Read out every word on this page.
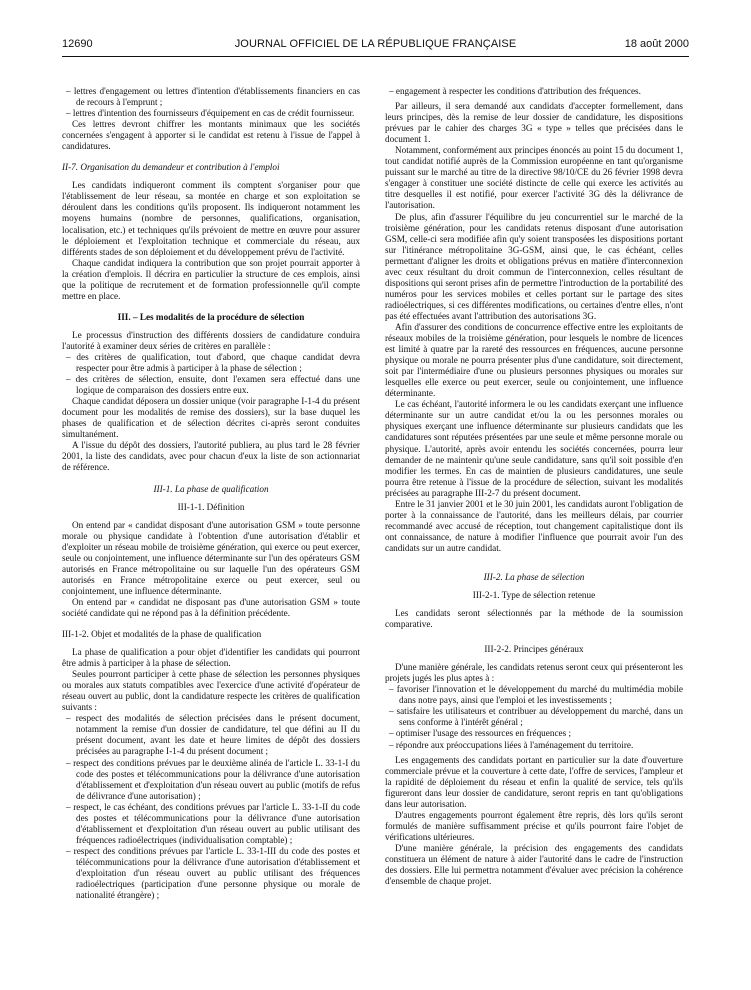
12690	JOURNAL OFFICIEL DE LA RÉPUBLIQUE FRANÇAISE	18 août 2000
– lettres d'engagement ou lettres d'intention d'établissements financiers en cas de recours à l'emprunt ;
– lettres d'intention des fournisseurs d'équipement en cas de crédit fournisseur.

Ces lettres devront chiffrer les montants minimaux que les sociétés concernées s'engagent à apporter si le candidat est retenu à l'issue de l'appel à candidatures.

II-7. Organisation du demandeur et contribution à l'emploi

Les candidats indiqueront comment ils comptent s'organiser pour que l'établissement de leur réseau, sa montée en charge et son exploitation se déroulent dans les conditions qu'ils proposent. Ils indiqueront notamment les moyens humains (nombre de personnes, qualifications, organisation, localisation, etc.) et techniques qu'ils prévoient de mettre en œuvre pour assurer le déploiement et l'exploitation technique et commerciale du réseau, aux différents stades de son déploiement et du développement prévu de l'activité.

Chaque candidat indiquera la contribution que son projet pourrait apporter à la création d'emplois. Il décrira en particulier la structure de ces emplois, ainsi que la politique de recrutement et de formation professionnelle qu'il compte mettre en place.

III. – Les modalités de la procédure de sélection

Le processus d'instruction des différents dossiers de candidature conduira l'autorité à examiner deux séries de critères en parallèle :

– des critères de qualification, tout d'abord, que chaque candidat devra respecter pour être admis à participer à la phase de sélection ;
– des critères de sélection, ensuite, dont l'examen sera effectué dans une logique de comparaison des dossiers entre eux.

Chaque candidat déposera un dossier unique (voir paragraphe I-1-4 du présent document pour les modalités de remise des dossiers), sur la base duquel les phases de qualification et de sélection décrites ci-après seront conduites simultanément.

A l'issue du dépôt des dossiers, l'autorité publiera, au plus tard le 28 février 2001, la liste des candidats, avec pour chacun d'eux la liste de son actionnariat de référence.

III-1. La phase de qualification
III-1-1. Définition

On entend par « candidat disposant d'une autorisation GSM » toute personne morale ou physique candidate à l'obtention d'une autorisation d'établir et d'exploiter un réseau mobile de troisième génération, qui exerce ou peut exercer, seule ou conjointement, une influence déterminante sur l'un des opérateurs GSM autorisés en France métropolitaine ou sur laquelle l'un des opérateurs GSM autorisés en France métropolitaine exerce ou peut exercer, seul ou conjointement, une influence déterminante.

On entend par « candidat ne disposant pas d'une autorisation GSM » toute société candidate qui ne répond pas à la définition précédente.

III-1-2. Objet et modalités de la phase de qualification

La phase de qualification a pour objet d'identifier les candidats qui pourront être admis à participer à la phase de sélection.

Seules pourront participer à cette phase de sélection les personnes physiques ou morales aux statuts compatibles avec l'exercice d'une activité d'opérateur de réseau ouvert au public, dont la candidature respecte les critères de qualification suivants :

– respect des modalités de sélection précisées dans le présent document, notamment la remise d'un dossier de candidature, tel que défini au II du présent document, avant les date et heure limites de dépôt des dossiers précisées au paragraphe I-1-4 du présent document ;
– respect des conditions prévues par le deuxième alinéa de l'article L. 33-1-I du code des postes et télécommunications pour la délivrance d'une autorisation d'établissement et d'exploitation d'un réseau ouvert au public (motifs de refus de délivrance d'une autorisation) ;
– respect, le cas échéant, des conditions prévues par l'article L. 33-1-II du code des postes et télécommunications pour la délivrance d'une autorisation d'établissement et d'exploitation d'un réseau ouvert au public utilisant des fréquences radioélectriques (individualisation comptable) ;
– respect des conditions prévues par l'article L. 33-1-III du code des postes et télécommunications pour la délivrance d'une autorisation d'établissement et d'exploitation d'un réseau ouvert au public utilisant des fréquences radioélectriques (participation d'une personne physique ou morale de nationalité étrangère) ;
– engagement à respecter les conditions d'attribution des fréquences.

Par ailleurs, il sera demandé aux candidats d'accepter formellement, dans leurs principes, dès la remise de leur dossier de candidature, les dispositions prévues par le cahier des charges 3G « type » telles que précisées dans le document 1.

Notamment, conformément aux principes énoncés au point 15 du document 1, tout candidat notifié auprès de la Commission européenne en tant qu'organisme puissant sur le marché au titre de la directive 98/10/CE du 26 février 1998 devra s'engager à constituer une société distincte de celle qui exerce les activités au titre desquelles il est notifié, pour exercer l'activité 3G dès la délivrance de l'autorisation.

De plus, afin d'assurer l'équilibre du jeu concurrentiel sur le marché de la troisième génération, pour les candidats retenus disposant d'une autorisation GSM, celle-ci sera modifiée afin qu'y soient transposées les dispositions portant sur l'itinérance métropolitaine 3G-GSM, ainsi que, le cas échéant, celles permettant d'aligner les droits et obligations prévus en matière d'interconnexion avec ceux résultant du droit commun de l'interconnexion, celles résultant de dispositions qui seront prises afin de permettre l'introduction de la portabilité des numéros pour les services mobiles et celles portant sur le partage des sites radioélectriques, si ces différentes modifications, ou certaines d'entre elles, n'ont pas été effectuées avant l'attribution des autorisations 3G.

Afin d'assurer des conditions de concurrence effective entre les exploitants de réseaux mobiles de la troisième génération, pour lesquels le nombre de licences est limité à quatre par la rareté des ressources en fréquences, aucune personne physique ou morale ne pourra présenter plus d'une candidature, soit directement, soit par l'intermédiaire d'une ou plusieurs personnes physiques ou morales sur lesquelles elle exerce ou peut exercer, seule ou conjointement, une influence déterminante.

Le cas échéant, l'autorité informera le ou les candidats exerçant une influence déterminante sur un autre candidat et/ou la ou les personnes morales ou physiques exerçant une influence déterminante sur plusieurs candidats que les candidatures sont réputées présentées par une seule et même personne morale ou physique. L'autorité, après avoir entendu les sociétés concernées, pourra leur demander de ne maintenir qu'une seule candidature, sans qu'il soit possible d'en modifier les termes. En cas de maintien de plusieurs candidatures, une seule pourra être retenue à l'issue de la procédure de sélection, suivant les modalités précisées au paragraphe III-2-7 du présent document.

Entre le 31 janvier 2001 et le 30 juin 2001, les candidats auront l'obligation de porter à la connaissance de l'autorité, dans les meilleurs délais, par courrier recommandé avec accusé de réception, tout changement capitalistique dont ils ont connaissance, de nature à modifier l'influence que pourrait avoir l'un des candidats sur un autre candidat.

III-2. La phase de sélection
III-2-1. Type de sélection retenue

Les candidats seront sélectionnés par la méthode de la soumission comparative.

III-2-2. Principes généraux

D'une manière générale, les candidats retenus seront ceux qui présenteront les projets jugés les plus aptes à :

– favoriser l'innovation et le développement du marché du multimédia mobile dans notre pays, ainsi que l'emploi et les investissements ;
– satisfaire les utilisateurs et contribuer au développement du marché, dans un sens conforme à l'intérêt général ;
– optimiser l'usage des ressources en fréquences ;
– répondre aux préoccupations liées à l'aménagement du territoire.

Les engagements des candidats portant en particulier sur la date d'ouverture commerciale prévue et la couverture à cette date, l'offre de services, l'ampleur et la rapidité de déploiement du réseau et enfin la qualité de service, tels qu'ils figureront dans leur dossier de candidature, seront repris en tant qu'obligations dans leur autorisation.

D'autres engagements pourront également être repris, dès lors qu'ils seront formulés de manière suffisamment précise et qu'ils pourront faire l'objet de vérifications ultérieures.

D'une manière générale, la précision des engagements des candidats constituera un élément de nature à aider l'autorité dans le cadre de l'instruction des dossiers. Elle lui permettra notamment d'évaluer avec précision la cohérence d'ensemble de chaque projet.
